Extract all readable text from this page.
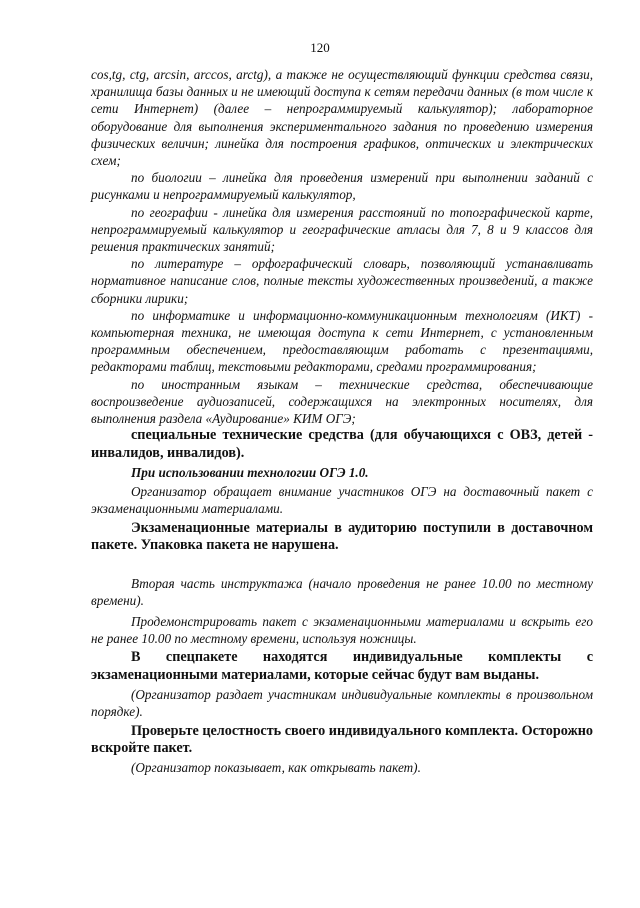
120

cos,tg, ctg, arcsin, arccos, arctg), а также не осуществляющий функции средства связи, хранилища базы данных и не имеющий доступа к сетям передачи данных (в том числе к сети Интернет) (далее – непрограммируемый калькулятор); лабораторное оборудование для выполнения экспериментального задания по проведению измерения физических величин; линейка для построения графиков, оптических и электрических схем;

по биологии – линейка для проведения измерений при выполнении заданий с рисунками и непрограммируемый калькулятор,

по географии - линейка для измерения расстояний по топографической карте, непрограммируемый калькулятор и географические атласы для 7, 8 и 9 классов для решения практических занятий;

по литературе – орфографический словарь, позволяющий устанавливать нормативное написание слов, полные тексты художественных произведений, а также сборники лирики;

по информатике и информационно-коммуникационным технологиям (ИКТ) - компьютерная техника, не имеющая доступа к сети Интернет, с установленным программным обеспечением, предоставляющим работать с презентациями, редакторами таблиц, текстовыми редакторами, средами программирования;

по иностранным языкам – технические средства, обеспечивающие воспроизведение аудиозаписей, содержащихся на электронных носителях, для выполнения раздела «Аудирование» КИМ ОГЭ;

специальные технические средства (для обучающихся с ОВЗ, детей - инвалидов, инвалидов).

При использовании технологии ОГЭ 1.0.

Организатор обращает внимание участников ОГЭ на доставочный пакет с экзаменационными материалами.

Экзаменационные материалы в аудиторию поступили в доставочном пакете. Упаковка пакета не нарушена.

Вторая часть инструктажа (начало проведения не ранее 10.00 по местному времени).

Продемонстрировать пакет с экзаменационными материалами и вскрыть его не ранее 10.00 по местному времени, используя ножницы.

В спецпакете находятся индивидуальные комплекты с экзаменационными материалами, которые сейчас будут вам выданы.

(Организатор раздает участникам индивидуальные комплекты в произвольном порядке).

Проверьте целостность своего индивидуального комплекта. Осторожно вскройте пакет.

(Организатор показывает, как открывать пакет).
